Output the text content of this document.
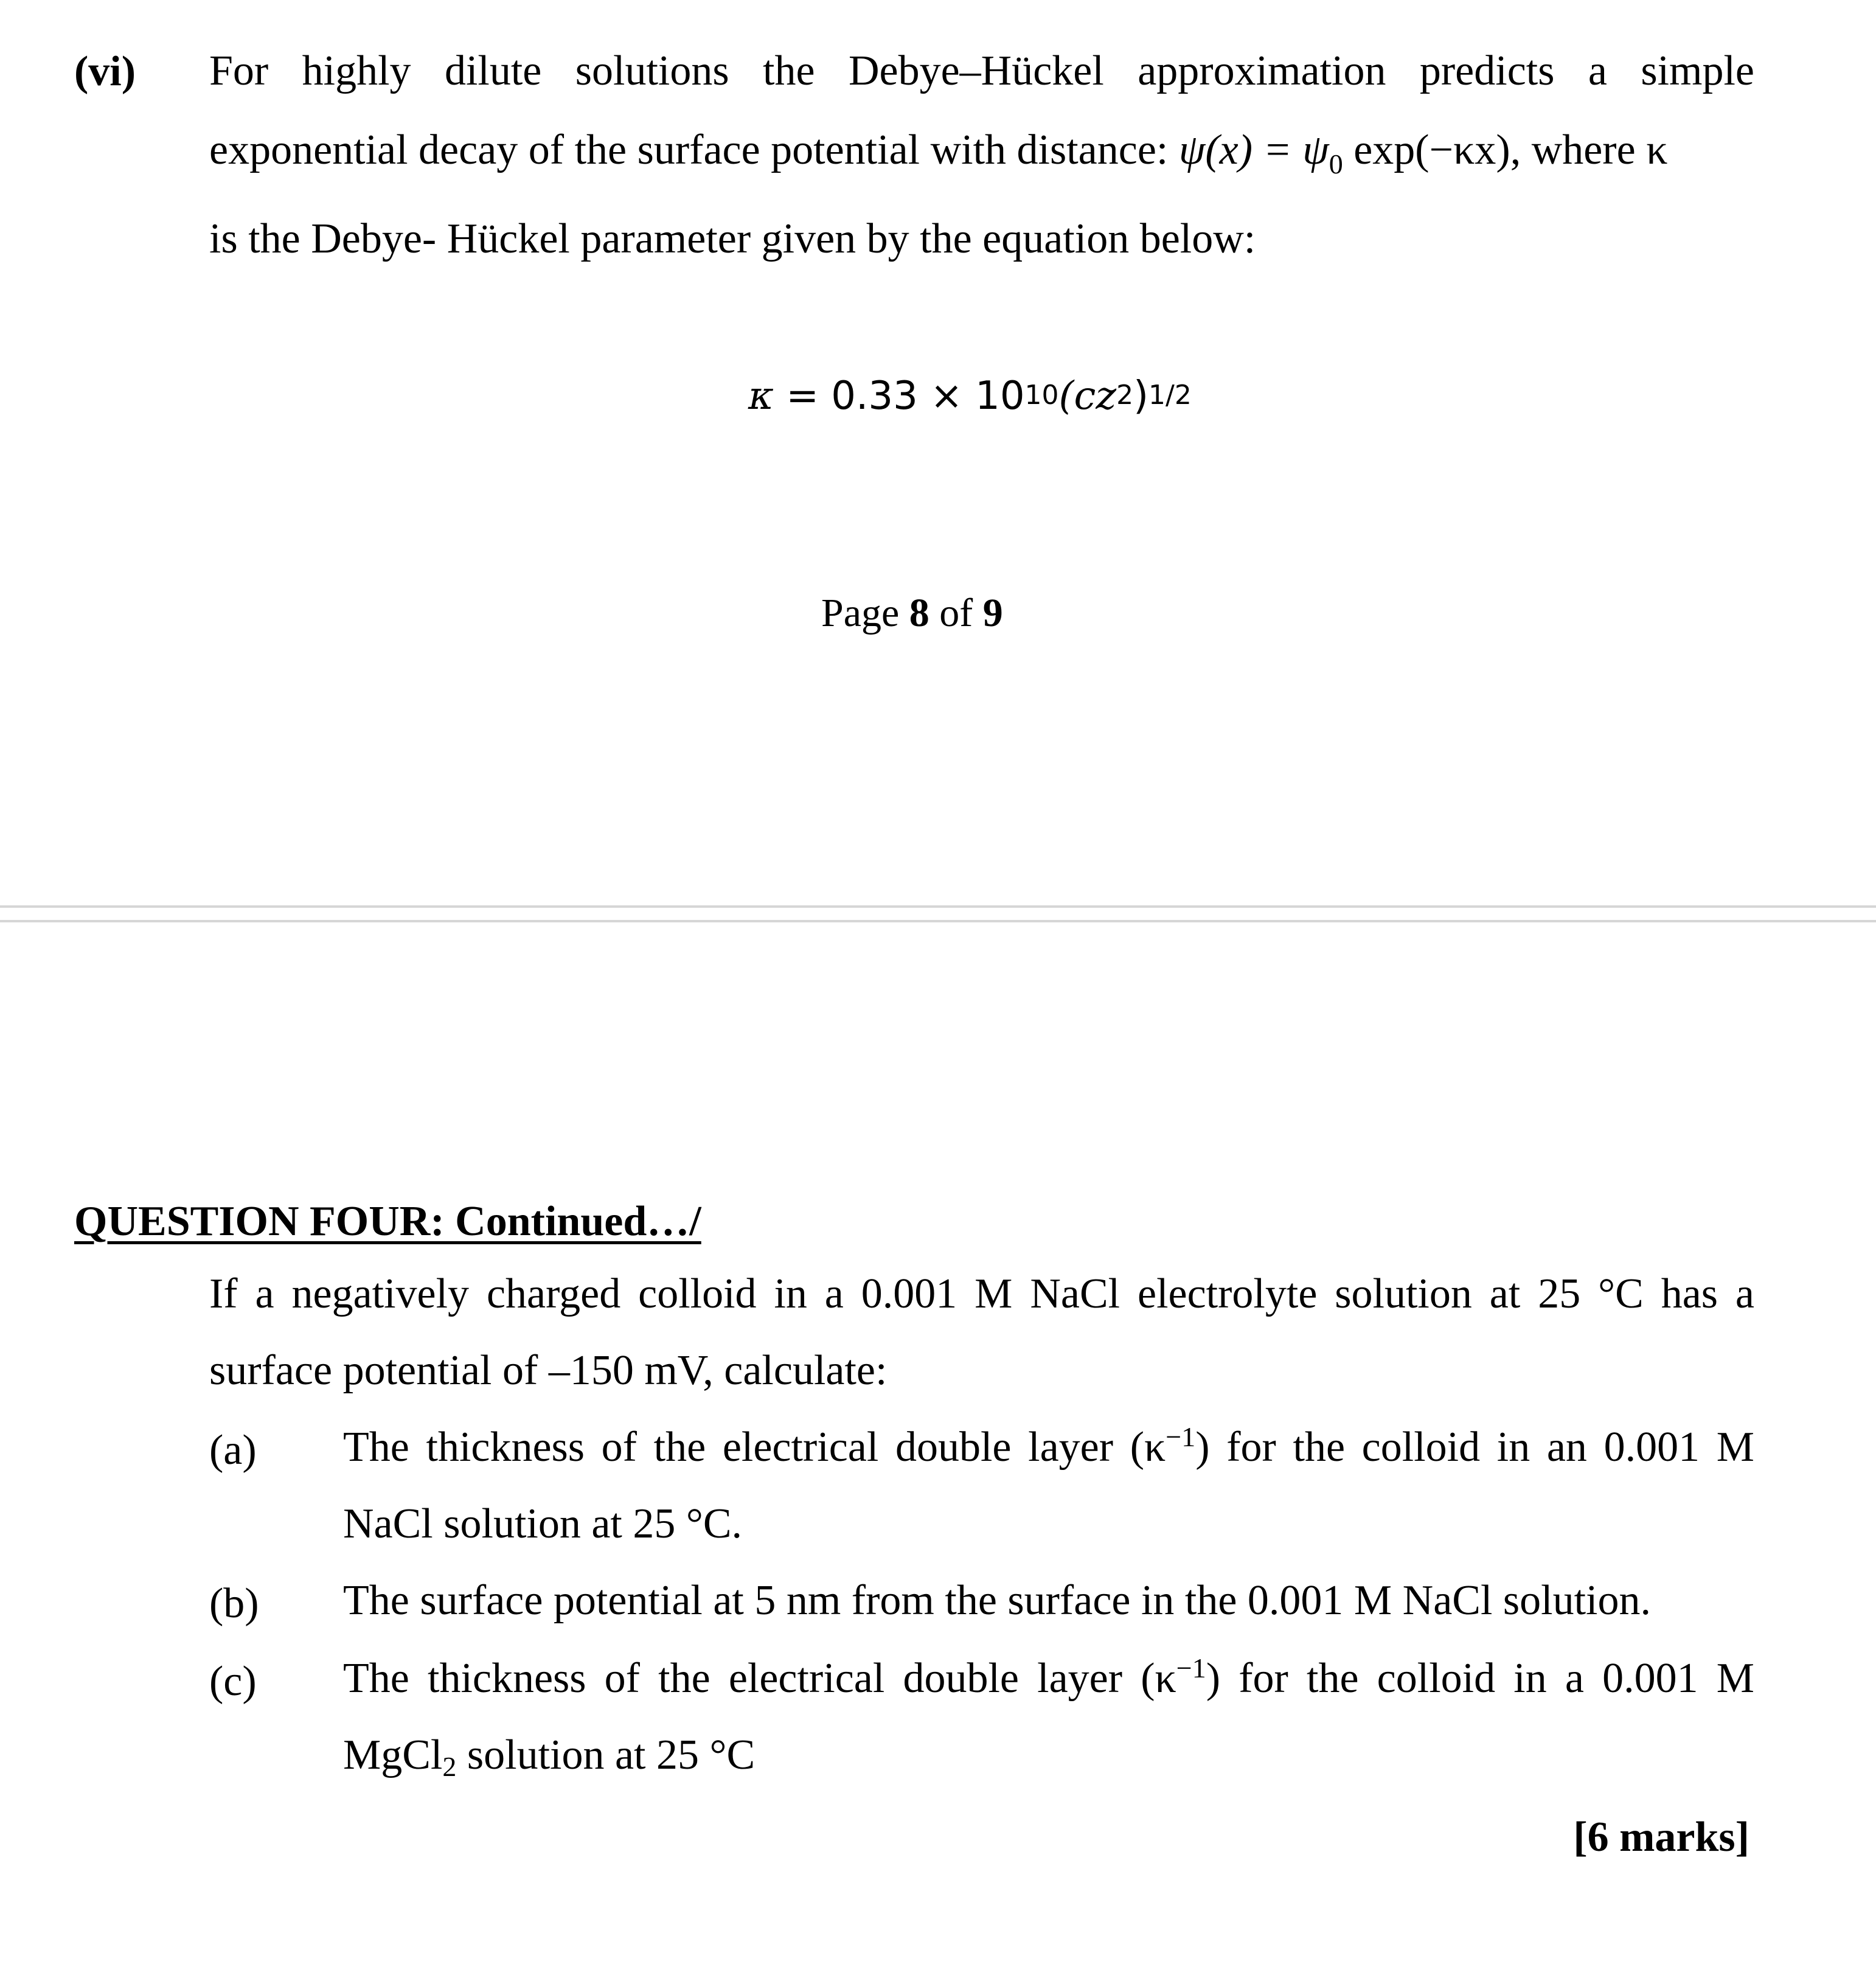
(vi) For highly dilute solutions the Debye–Hückel approximation predicts a simple
exponential decay of the surface potential with distance: $\psi(x) = \psi_0$ exp(−κx), where κ
is the Debye- Hückel parameter given by the equation below:
$\kappa = 0.33 \times 10^{10}(cz^2)^{1/2}$
Page 8 of 9
QUESTION FOUR: Continued…/
If a negatively charged colloid in a 0.001 M NaCl electrolyte solution at 25 °C has a
surface potential of –150 mV, calculate:
(a) The thickness of the electrical double layer $(\kappa^{-1})$ for the colloid in an 0.001 M
NaCl solution at 25 °C.
(b) The surface potential at 5 nm from the surface in the 0.001 M NaCl solution.
(c) The thickness of the electrical double layer $(\kappa^{-1})$ for the colloid in a 0.001 M
MgCl2 solution at 25 °C
[6 marks]
